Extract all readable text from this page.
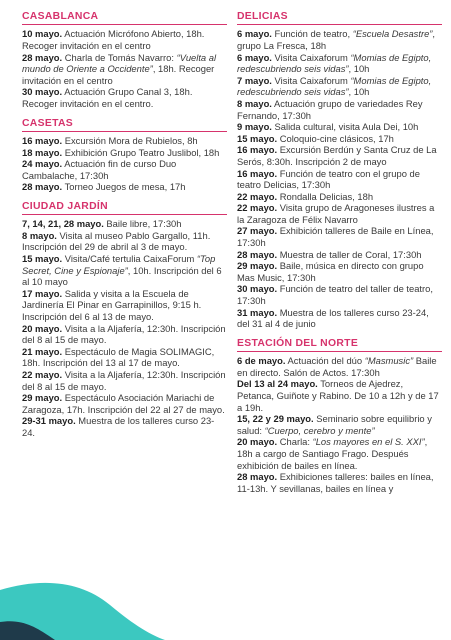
CASABLANCA

10 mayo. Actuación Micrófono Abierto, 18h. Recoger invitación en el centro

28 mayo. Charla de Tomás Navarro: “Vuelta al mundo de Oriente a Occidente”, 18h. Recoger invitación en el centro

30 mayo. Actuación Grupo Canal 3, 18h. Recoger invitación en el centro.

CASETAS

16 mayo. Excursión Mora de Rubielos, 8h

18 mayo. Exhibición Grupo Teatro Juslibol, 18h

24 mayo. Actuación fin de curso Duo Cambalache, 17:30h

28 mayo. Torneo Juegos de mesa, 17h

CIUDAD JARDÍN

7, 14, 21, 28 mayo. Baile libre, 17:30h

8 mayo. Visita al museo Pablo Gargallo, 11h. Inscripción del 29 de abril al 3 de mayo.

15 mayo. Visita/Café tertulia CaixaForum “Top Secret, Cine y Espionaje”, 10h. Inscripción del 6 al 10 mayo

17 mayo. Salida y visita a la Escuela de Jardinería El Pinar en Garrapinillos, 9:15 h. Inscripción del 6 al 13 de mayo.

20 mayo. Visita a la Aljafería, 12:30h. Inscripción del 8 al 15 de mayo.

21 mayo. Espectáculo de Magia SOLIMAGIC, 18h. Inscripción del 13 al 17 de mayo.

22 mayo. Visita a la Aljafería, 12:30h. Inscripción del 8 al 15 de mayo.

29 mayo. Espectáculo Asociación Mariachi de Zaragoza, 17h. Inscripción del 22 al 27 de mayo.

29-31 mayo. Muestra de los talleres curso 23-24.

DELICIAS

6 mayo. Función de teatro, “Escuela Desastre”, grupo La Fresca, 18h

6 mayo. Visita Caixaforum “Momias de Egipto, redescubriendo seis vidas”, 10h

7 mayo. Visita Caixaforum “Momias de Egipto, redescubriendo seis vidas”, 10h

8 mayo. Actuación grupo de variedades Rey Fernando, 17:30h

9 mayo. Salida cultural, visita Aula Dei, 10h

15 mayo. Coloquio-cine clásicos, 17h

16 mayo. Excursión Berdún y Santa Cruz de La Serós, 8:30h. Inscripción 2 de mayo

16 mayo. Función de teatro con el grupo de teatro Delicias, 17:30h

22 mayo. Rondalla Delicias, 18h

22 mayo. Visita grupo de Aragoneses ilustres a la Zaragoza de Félix Navarro

27 mayo. Exhibición talleres de Baile en Línea, 17:30h

28 mayo. Muestra de taller de Coral, 17:30h

29 mayo. Baile, música en directo con grupo Mas Music, 17:30h

30 mayo. Función de teatro del taller de teatro, 17:30h

31 mayo. Muestra de los talleres curso 23-24, del 31 al 4 de junio

ESTACIÓN DEL NORTE

6 de mayo. Actuación del dúo “Masmusic” Baile en directo. Salón de Actos. 17:30h

Del 13 al 24 mayo. Torneos de Ajedrez, Petanca, Guiñote y Rabino. De 10 a 12h y de 17 a 19h.

15, 22 y 29 mayo. Seminario sobre equilibrio y salud: “Cuerpo, cerebro y mente”

20 mayo. Charla: “Los mayores en el S. XXI”, 18h a cargo de Santiago Frago. Después exhibición de bailes en línea.

28 mayo. Exhibiciones talleres: bailes en línea, 11-13h. Y sevillanas, bailes en línea y
